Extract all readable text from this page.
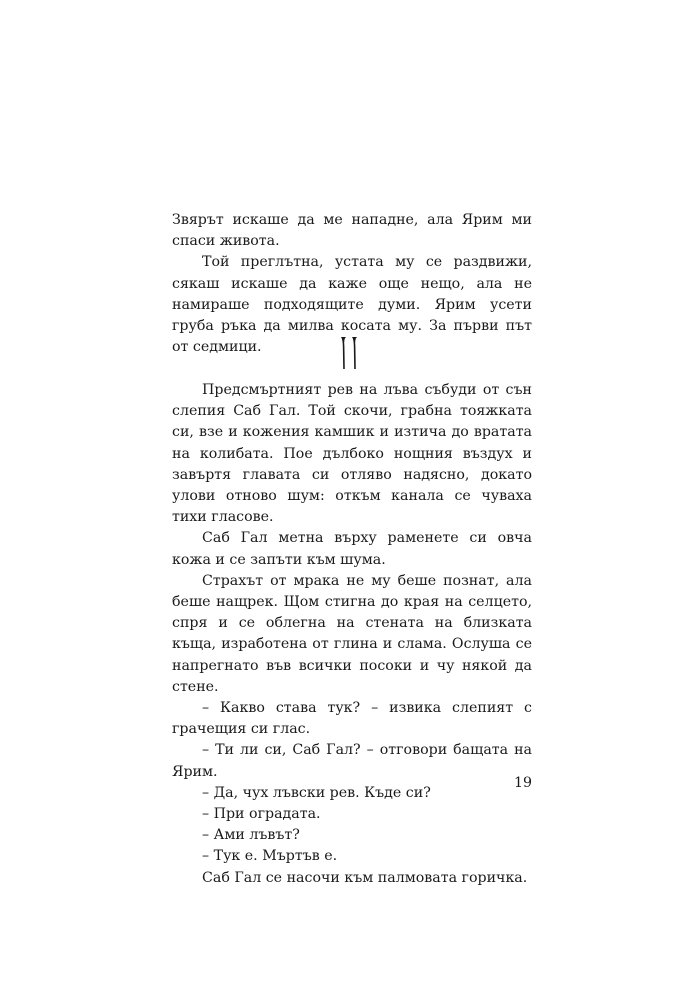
Звярът искаше да ме нападне, ала Ярим ми спаси живота.

Той преглътна, устата му се раздвижи, сякаш искаше да каже още нещо, ала не намираше подходящите думи. Ярим усети груба ръка да милва косата му. За първи път от седмици.

Предсмъртният рев на лъва събуди от сън слепия Саб Гал. Той скочи, грабна тояжката си, взе и кожения камшик и изтича до вратата на колибата. Пое дълбоко нощния въздух и завъртя главата си отляво надясно, докато улови отново шум: откъм канала се чуваха тихи гласове.

Саб Гал метна върху раменете си овча кожа и се запъти към шума.

Страхът от мрака не му беше познат, ала беше нащрек. Щом стигна до края на селцето, спря и се облегна на стената на близката къща, изработена от глина и слама. Ослуша се напрегнато във всички посоки и чу някой да стене.

– Какво става тук? – извика слепият с грачещия си глас.

– Ти ли си, Саб Гал? – отговори бащата на Ярим.

– Да, чух лъвски рев. Къде си?

– При оградата.

– Ами лъвът?

– Тук е. Мъртъв е.

Саб Гал се насочи към палмовата горичка.

19
